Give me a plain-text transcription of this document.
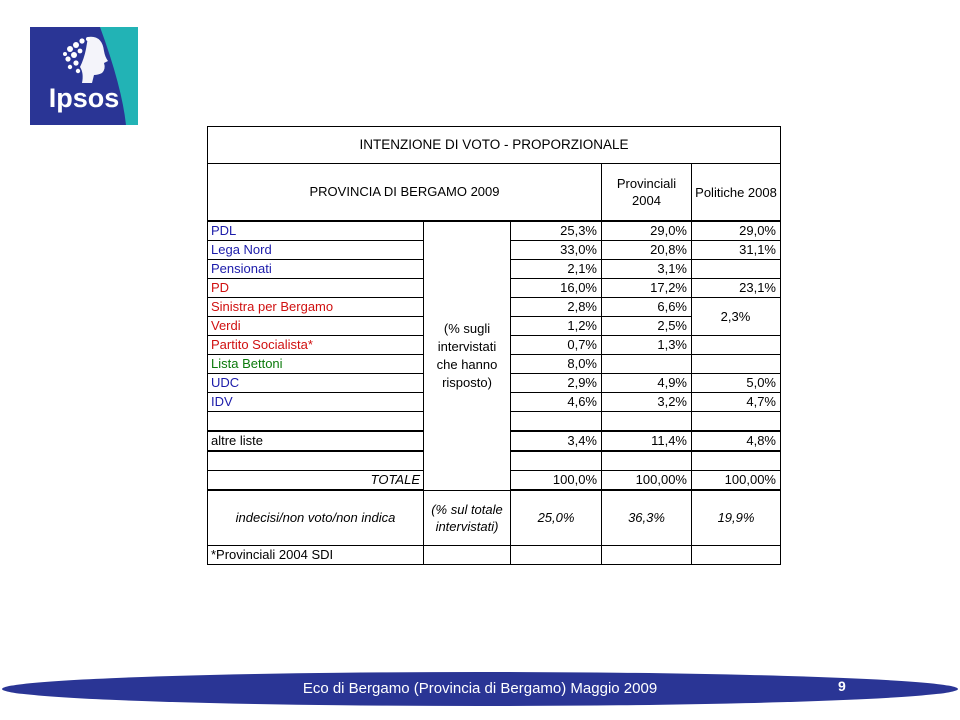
Ipsos
INTENZIONE DI VOTO - PROPORZIONALE				
PROVINCIA DI BERGAMO 2009			Provinciali 2004	Politiche 2008
PDL	(% sugli intervistati che hanno risposto)	25,3%	29,0%	29,0%
Lega Nord		33,0%	20,8%	31,1%
Pensionati		2,1%	3,1%	
PD		16,0%	17,2%	23,1%
Sinistra per Bergamo		2,8%	6,6%	2,3%
Verdi		1,2%	2,5%	
Partito Socialista*		0,7%	1,3%	
Lista Bettoni		8,0%		
UDC		2,9%	4,9%	5,0%
IDV		4,6%	3,2%	4,7%

altre liste		3,4%	11,4%	4,8%

TOTALE		100,0%	100,00%	100,00%
indecisi/non voto/non indica	(% sul totale intervistati)	25,0%	36,3%	19,9%
*Provinciali 2004 SDI				
Eco di Bergamo (Provincia di Bergamo) Maggio 2009	9
